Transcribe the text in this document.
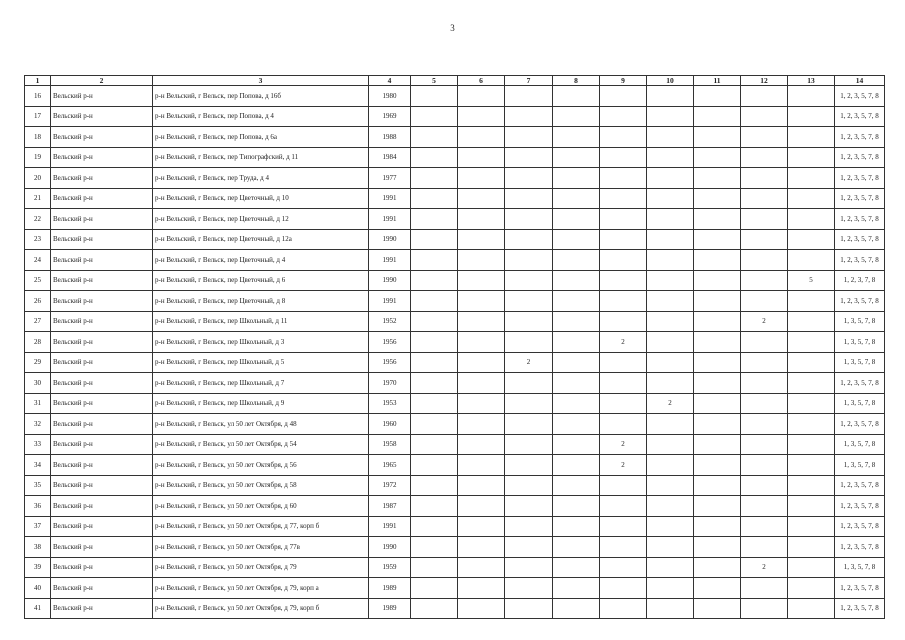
3
1	2	3	4	5	6	7	8	9	10	11	12	13	14
16	Вельский р-н	р-н Вельский, г Вельск, пер Попова, д 16б	1980										1, 2, 3, 5, 7, 8
17	Вельский р-н	р-н Вельский, г Вельск, пер Попова, д 4	1969										1, 2, 3, 5, 7, 8
18	Вельский р-н	р-н Вельский, г Вельск, пер Попова, д 6а	1988										1, 2, 3, 5, 7, 8
19	Вельский р-н	р-н Вельский, г Вельск, пер Типографский, д 11	1984										1, 2, 3, 5, 7, 8
20	Вельский р-н	р-н Вельский, г Вельск, пер Труда, д 4	1977										1, 2, 3, 5, 7, 8
21	Вельский р-н	р-н Вельский, г Вельск, пер Цветочный, д 10	1991										1, 2, 3, 5, 7, 8
22	Вельский р-н	р-н Вельский, г Вельск, пер Цветочный, д 12	1991										1, 2, 3, 5, 7, 8
23	Вельский р-н	р-н Вельский, г Вельск, пер Цветочный, д 12а	1990										1, 2, 3, 5, 7, 8
24	Вельский р-н	р-н Вельский, г Вельск, пер Цветочный, д 4	1991										1, 2, 3, 5, 7, 8
25	Вельский р-н	р-н Вельский, г Вельск, пер Цветочный, д 6	1990									5	1, 2, 3, 7, 8
26	Вельский р-н	р-н Вельский, г Вельск, пер Цветочный, д 8	1991										1, 2, 3, 5, 7, 8
27	Вельский р-н	р-н Вельский, г Вельск, пер Школьный, д 11	1952								2		1, 3, 5, 7, 8
28	Вельский р-н	р-н Вельский, г Вельск, пер Школьный, д 3	1956					2					1, 3, 5, 7, 8
29	Вельский р-н	р-н Вельский, г Вельск, пер Школьный, д 5	1956			2							1, 3, 5, 7, 8
30	Вельский р-н	р-н Вельский, г Вельск, пер Школьный, д 7	1970										1, 2, 3, 5, 7, 8
31	Вельский р-н	р-н Вельский, г Вельск, пер Школьный, д 9	1953						2				1, 3, 5, 7, 8
32	Вельский р-н	р-н Вельский, г Вельск, ул 50 лет Октября, д 48	1960										1, 2, 3, 5, 7, 8
33	Вельский р-н	р-н Вельский, г Вельск, ул 50 лет Октября, д 54	1958					2					1, 3, 5, 7, 8
34	Вельский р-н	р-н Вельский, г Вельск, ул 50 лет Октября, д 56	1965					2					1, 3, 5, 7, 8
35	Вельский р-н	р-н Вельский, г Вельск, ул 50 лет Октября, д 58	1972										1, 2, 3, 5, 7, 8
36	Вельский р-н	р-н Вельский, г Вельск, ул 50 лет Октября, д 60	1987										1, 2, 3, 5, 7, 8
37	Вельский р-н	р-н Вельский, г Вельск, ул 50 лет Октября, д 77, корп б	1991										1, 2, 3, 5, 7, 8
38	Вельский р-н	р-н Вельский, г Вельск, ул 50 лет Октября, д 77в	1990										1, 2, 3, 5, 7, 8
39	Вельский р-н	р-н Вельский, г Вельск, ул 50 лет Октября, д 79	1959								2		1, 3, 5, 7, 8
40	Вельский р-н	р-н Вельский, г Вельск, ул 50 лет Октября, д 79, корп а	1989										1, 2, 3, 5, 7, 8
41	Вельский р-н	р-н Вельский, г Вельск, ул 50 лет Октября, д 79, корп б	1989										1, 2, 3, 5, 7, 8
